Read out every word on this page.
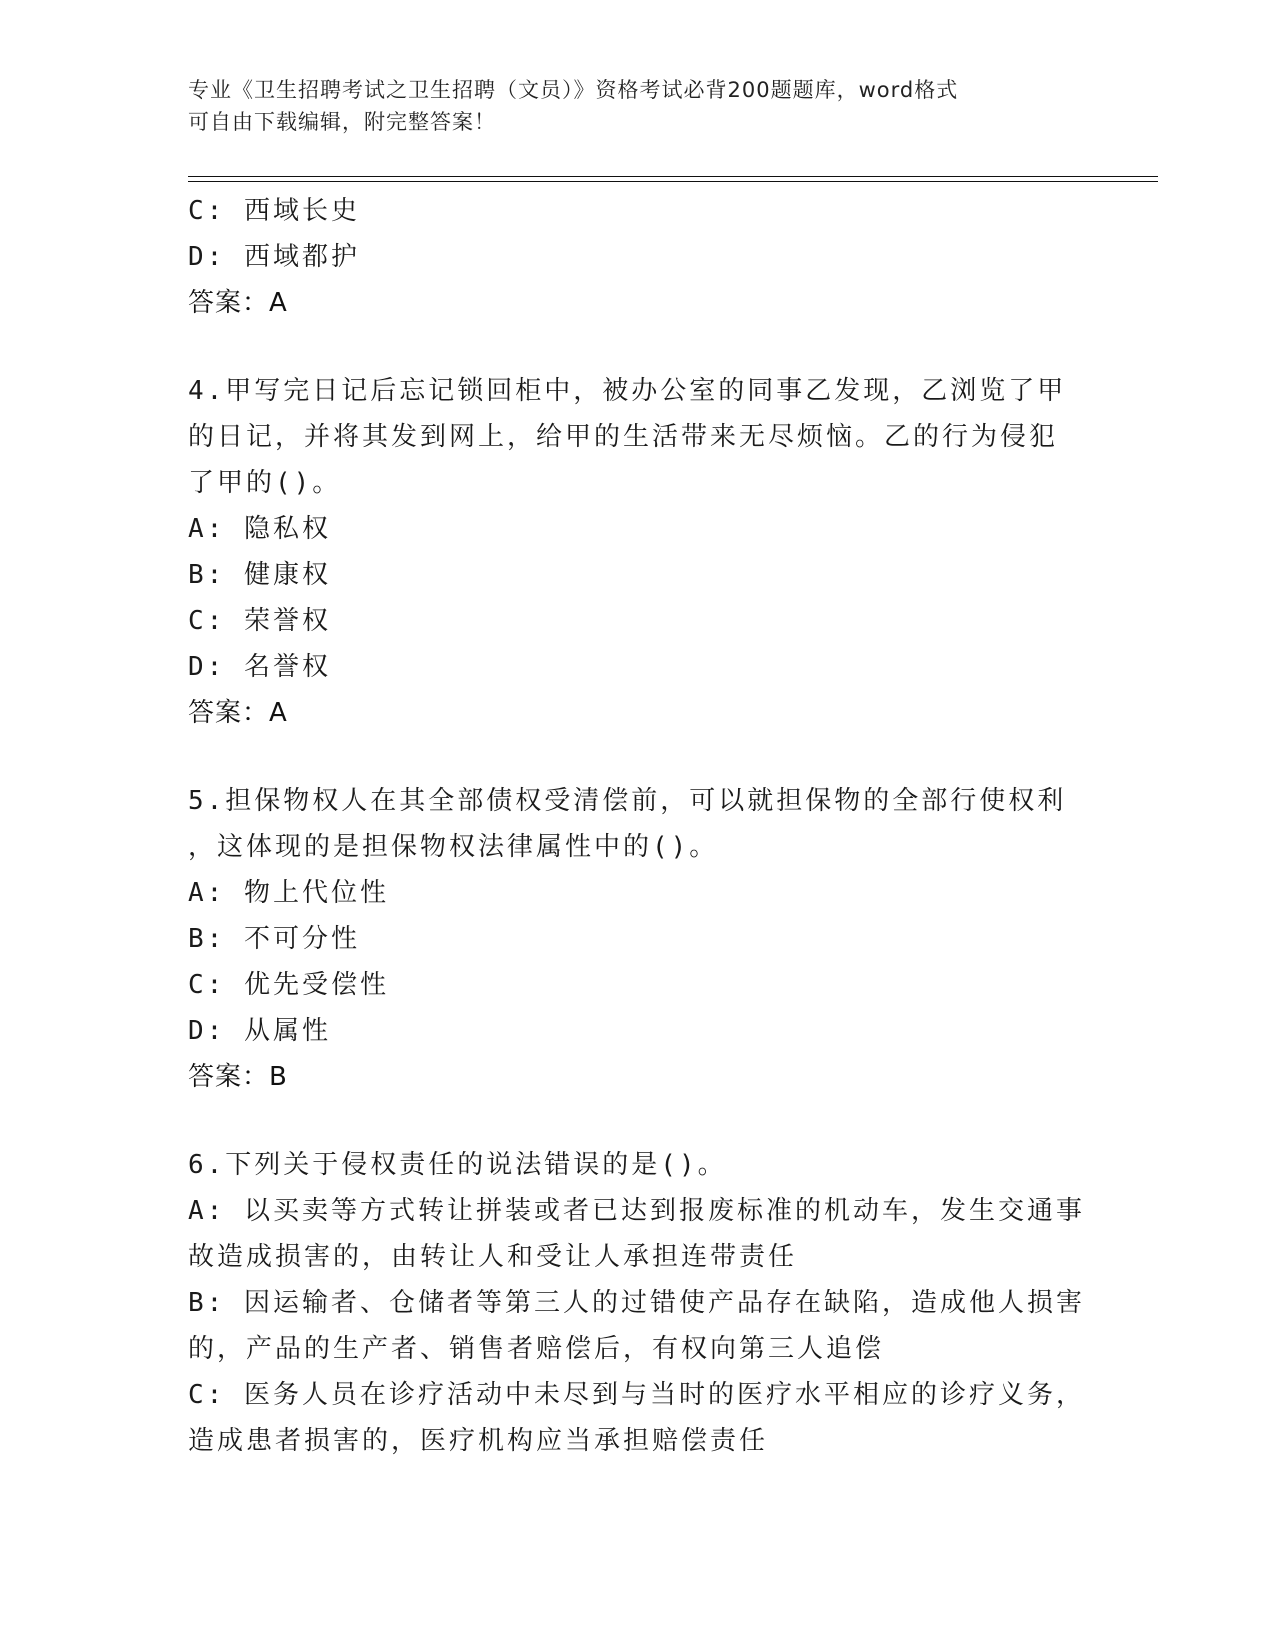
专业《卫生招聘考试之卫生招聘（文员）》资格考试必背200题题库，word格式
可自由下载编辑，附完整答案！
C: 西域长史
D: 西域都护
答案：A
4.甲写完日记后忘记锁回柜中，被办公室的同事乙发现，乙浏览了甲
的日记，并将其发到网上，给甲的生活带来无尽烦恼。乙的行为侵犯
了甲的()。
A: 隐私权
B: 健康权
C: 荣誉权
D: 名誉权
答案：A
5.担保物权人在其全部债权受清偿前，可以就担保物的全部行使权利
，这体现的是担保物权法律属性中的()。
A: 物上代位性
B: 不可分性
C: 优先受偿性
D: 从属性
答案：B
6.下列关于侵权责任的说法错误的是()。
A: 以买卖等方式转让拼装或者已达到报废标准的机动车，发生交通事
故造成损害的，由转让人和受让人承担连带责任
B: 因运输者、仓储者等第三人的过错使产品存在缺陷，造成他人损害
的，产品的生产者、销售者赔偿后，有权向第三人追偿
C: 医务人员在诊疗活动中未尽到与当时的医疗水平相应的诊疗义务，
造成患者损害的，医疗机构应当承担赔偿责任
